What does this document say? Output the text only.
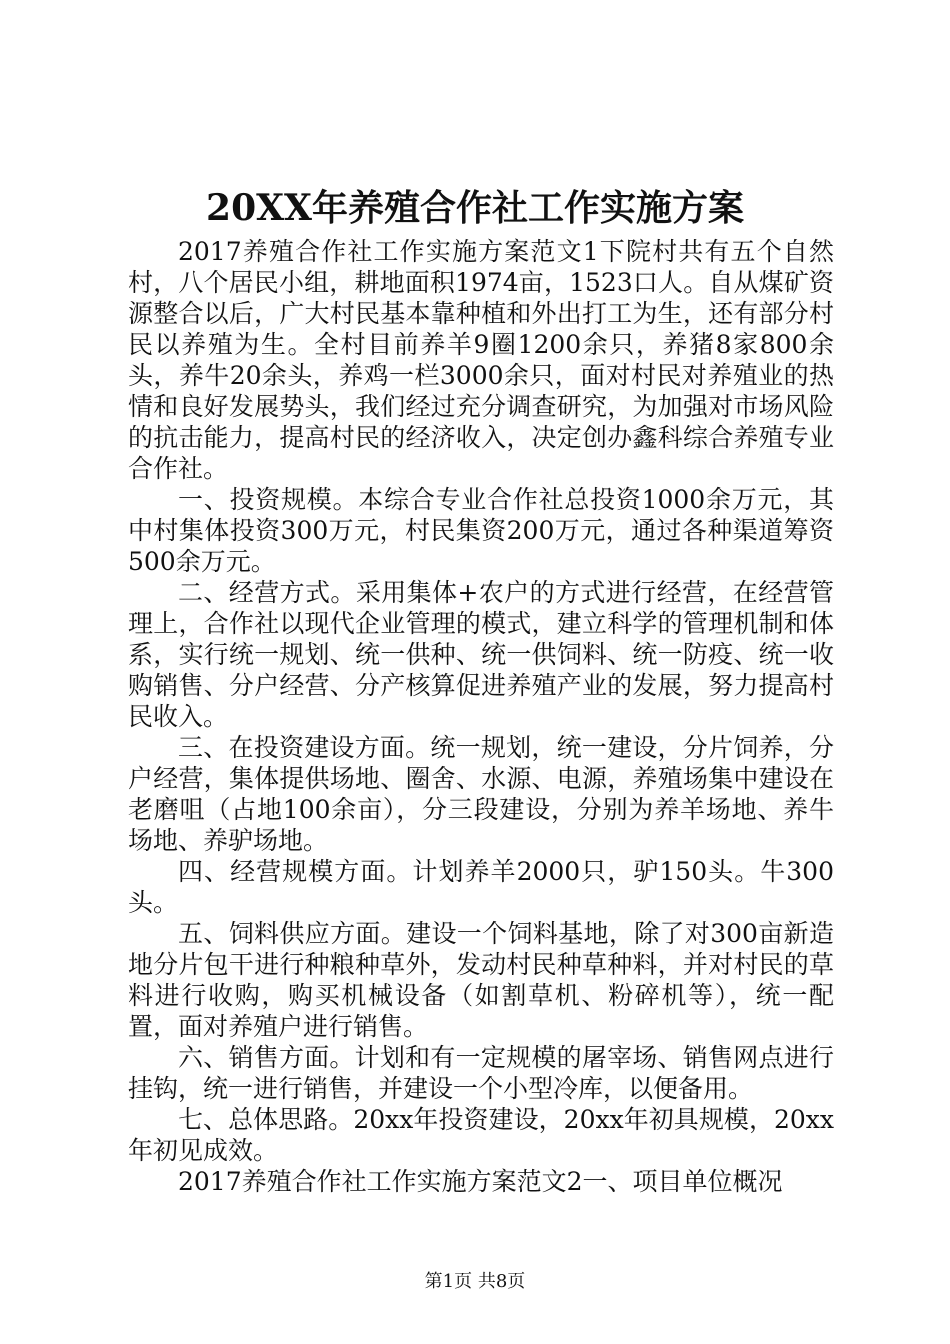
20XX年养殖合作社工作实施方案

2017养殖合作社工作实施方案范文1下院村共有五个自然村，八个居民小组，耕地面积1974亩，1523口人。自从煤矿资源整合以后，广大村民基本靠种植和外出打工为生，还有部分村民以养殖为生。全村目前养羊9圈1200余只，养猪8家800余头，养牛20余头，养鸡一栏3000余只，面对村民对养殖业的热情和良好发展势头，我们经过充分调查研究，为加强对市场风险的抗击能力，提高村民的经济收入，决定创办鑫科综合养殖专业合作社。

一、投资规模。本综合专业合作社总投资1000余万元，其中村集体投资300万元，村民集资200万元，通过各种渠道筹资500余万元。

二、经营方式。采用集体+农户的方式进行经营，在经营管理上，合作社以现代企业管理的模式，建立科学的管理机制和体系，实行统一规划、统一供种、统一供饲料、统一防疫、统一收购销售、分户经营、分产核算促进养殖产业的发展，努力提高村民收入。

三、在投资建设方面。统一规划，统一建设，分片饲养，分户经营，集体提供场地、圈舍、水源、电源，养殖场集中建设在老磨咀（占地100余亩），分三段建设，分别为养羊场地、养牛场地、养驴场地。

四、经营规模方面。计划养羊2000只，驴150头。牛300头。

五、饲料供应方面。建设一个饲料基地，除了对300亩新造地分片包干进行种粮种草外，发动村民种草种料，并对村民的草料进行收购，购买机械设备（如割草机、粉碎机等），统一配置，面对养殖户进行销售。

六、销售方面。计划和有一定规模的屠宰场、销售网点进行挂钩，统一进行销售，并建设一个小型冷库，以便备用。

七、总体思路。20xx年投资建设，20xx年初具规模，20xx年初见成效。

2017养殖合作社工作实施方案范文2一、项目单位概况

第1页 共8页
